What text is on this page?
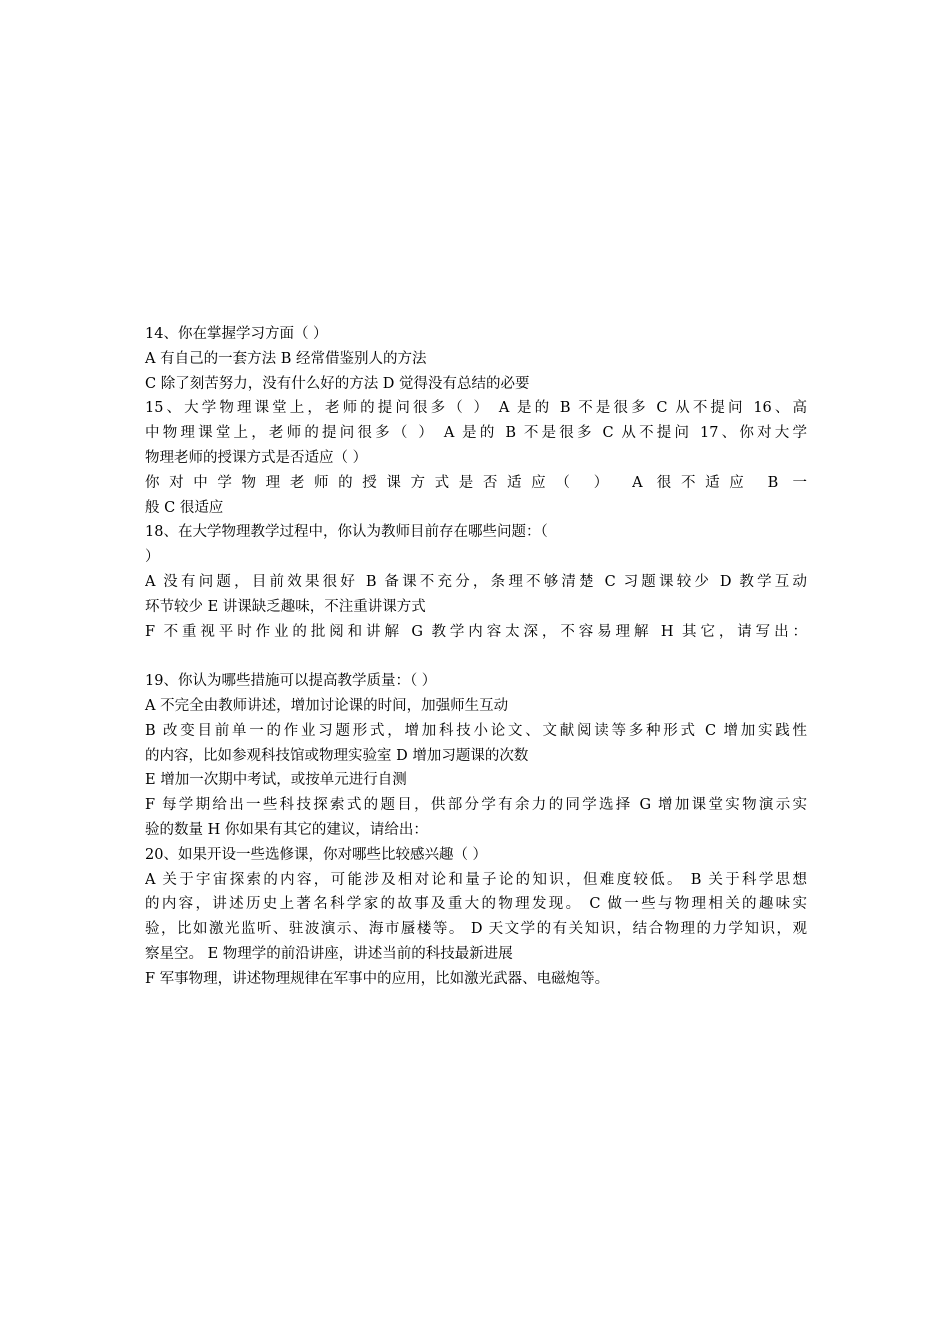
14、你在掌握学习方面（ ）
A 有自己的一套方法 B 经常借鉴别人的方法
C 除了刻苦努力，没有什么好的方法 D 觉得没有总结的必要
15、大学物理课堂上，老师的提问很多（ ） A 是的 B 不是很多 C 从不提问 16、高
中物理课堂上，老师的提问很多（ ） A 是的 B 不是很多 C 从不提问 17、你对大学
物理老师的授课方式是否适应（ ）
你对中学物理老师的授课方式是否适应（ ） A 很不适应 B 一
般 C 很适应
18、在大学物理教学过程中，你认为教师目前存在哪些问题：（
）
A 没有问题，目前效果很好 B 备课不充分，条理不够清楚 C 习题课较少 D 教学互动
环节较少 E 讲课缺乏趣味，不注重讲课方式
F 不重视平时作业的批阅和讲解 G 教学内容太深，不容易理解 H 其它，请写出：
19、你认为哪些措施可以提高教学质量：（ ）
A 不完全由教师讲述，增加讨论课的时间，加强师生互动
B 改变目前单一的作业习题形式，增加科技小论文、文献阅读等多种形式 C 增加实践性
的内容，比如参观科技馆或物理实验室 D 增加习题课的次数
E 增加一次期中考试，或按单元进行自测
F 每学期给出一些科技探索式的题目，供部分学有余力的同学选择 G 增加课堂实物演示实
验的数量 H 你如果有其它的建议，请给出：
20、如果开设一些选修课，你对哪些比较感兴趣（ ）
A 关于宇宙探索的内容，可能涉及相对论和量子论的知识，但难度较低。 B 关于科学思想
的内容，讲述历史上著名科学家的故事及重大的物理发现。 C 做一些与物理相关的趣味实
验，比如激光监听、驻波演示、海市蜃楼等。 D 天文学的有关知识，结合物理的力学知识，观
察星空。 E 物理学的前沿讲座，讲述当前的科技最新进展
F 军事物理，讲述物理规律在军事中的应用，比如激光武器、电磁炮等。
